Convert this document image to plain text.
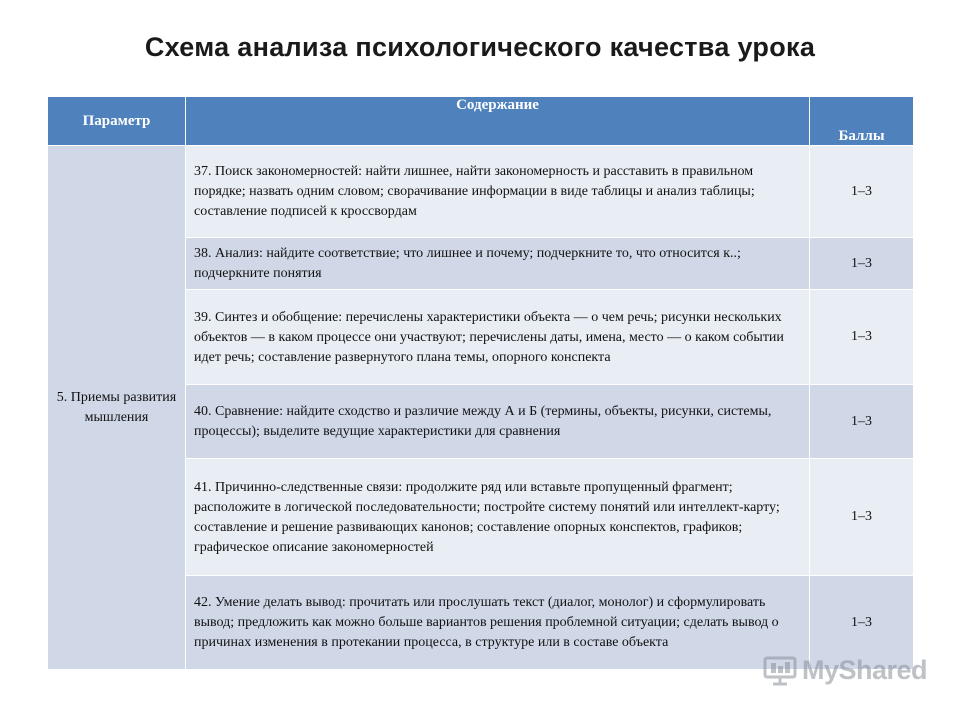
Схема анализа психологического качества урока
Параметр	Содержание	Баллы
5. Приемы развития мышления	37. Поиск закономерностей: найти лишнее, найти закономерность и расставить в правильном порядке; назвать одним словом; сворачивание информации в виде таблицы и анализ таблицы; составление подписей к кроссвордам	1–3
	38. Анализ: найдите соответствие; что лишнее и почему; подчеркните то, что относится к..; подчеркните понятия	1–3
	39. Синтез и обобщение: перечислены характеристики объекта — о чем речь; рисунки нескольких объектов — в каком процессе они участвуют; перечислены даты, имена, место — о каком событии идет речь; составление развернутого плана темы, опорного конспекта	1–3
	40. Сравнение: найдите сходство и различие между А и Б (термины, объекты, рисунки, системы, процессы); выделите ведущие характеристики для сравнения	1–3
	41. Причинно-следственные связи: продолжите ряд или вставьте пропущенный фрагмент; расположите в логической последовательности; постройте систему понятий или интеллект-карту; составление и решение развивающих канонов; составление опорных конспектов, графиков; графическое описание закономерностей	1–3
	42. Умение делать вывод: прочитать или прослушать текст (диалог, монолог) и сформулировать вывод; предложить как можно больше вариантов решения проблемной ситуации; сделать вывод о причинах изменения в протекании процесса, в структуре или в составе объекта	1–3
MyShared
